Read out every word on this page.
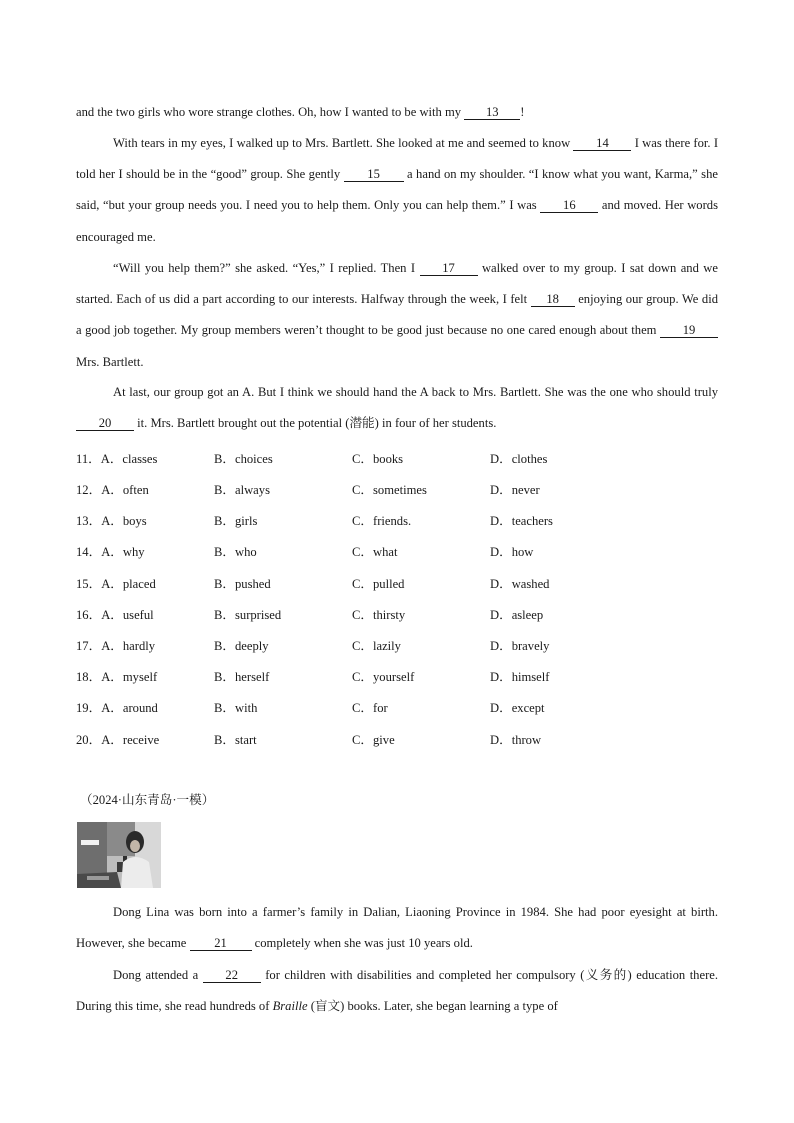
and the two girls who wore strange clothes. Oh, how I wanted to be with my 13 !

With tears in my eyes, I walked up to Mrs. Bartlett. She looked at me and seemed to know 14 I was there for. I told her I should be in the “good” group. She gently 15 a hand on my shoulder. “I know what you want, Karma,” she said, “but your group needs you. I need you to help them. Only you can help them.” I was 16 and moved. Her words encouraged me.

“Will you help them?” she asked. “Yes,” I replied. Then I 17 walked over to my group. I sat down and we started. Each of us did a part according to our interests. Halfway through the week, I felt 18 enjoying our group. We did a good job together. My group members weren’t thought to be good just because no one cared enough about them 19 Mrs. Bartlett.

At last, our group got an A. But I think we should hand the A back to Mrs. Bartlett. She was the one who should truly 20 it. Mrs. Bartlett brought out the potential (潜能) in four of her students.

11．A．classes	B．choices	C．books	D．clothes
12．A．often	B．always	C．sometimes	D．never
13．A．boys	B．girls	C．friends.	D．teachers
14．A．why	B．who	C．what	D．how
15．A．placed	B．pushed	C．pulled	D．washed
16．A．useful	B．surprised	C．thirsty	D．asleep
17．A．hardly	B．deeply	C．lazily	D．bravely
18．A．myself	B．herself	C．yourself	D．himself
19．A．around	B．with	C．for	D．except
20．A．receive	B．start	C．give	D．throw
（2024·山东青岛·一模）

Dong Lina was born into a farmer’s family in Dalian, Liaoning Province in 1984. She had poor eyesight at birth. However, she became 21 completely when she was just 10 years old.

Dong attended a 22 for children with disabilities and completed her compulsory (义务的) education there. During this time, she read hundreds of Braille (盲文) books. Later, she began learning a type of
